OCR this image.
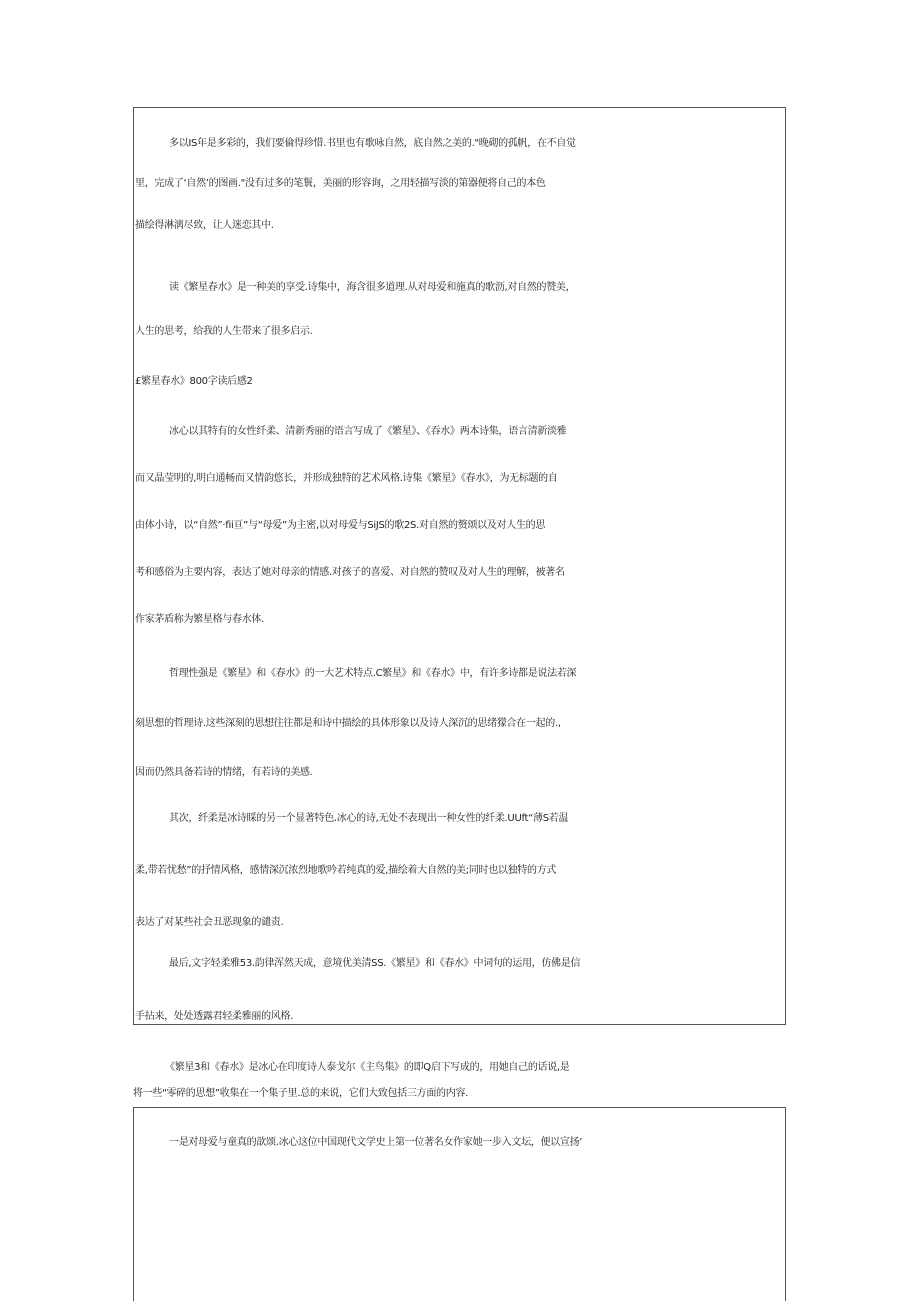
多以IS年是多彩的，我们要倫得珍惜.书里也有歌咏自然，底自然之美的."晚砌的孤帆，在不自觉
里，完成了‘自然’的图画."没有过多的笔鬟，美丽的形容询，之用轻描写淡的第器便将自己的本色
描绘得淋漓尽致，让人迷恋其中.
读《繁星春水》是一种美的享受.诗集中，海含很多道理.从对母爱和施真的歌沥,对自然的赞美，
人生的思考，给我的人生带来了很多启示.
£繁星春水》800字读后感2
冰心以其特有的女性纤柔、清新秀丽的语言写成了《繁星》、《吞水》两本诗集，语言清新淡雅
而又晶莹明的,明白通畅而又情韵悠长，并形成独特的艺术风格.诗集《繁星》《春水》，为无标题的自
由体小诗，以“自然”·fii亘”与“母爱”为主密,以对母爱与SiJS的歌2S.对自然的赘颂以及对人生的思
考和感俗为主要内容，表达了她对母亲的情感.对孩子的喜爱、对自然的赞叹及对人生的理解，被著名
作家茅盾称为繁星格与春水体.
哲理性强是《繁星》和《春水》的一大艺术特点.C繁星》和《春水》中，有许多诗都是说法若深
刻思想的哲理诗.这些深刻的思想往往都是和诗中描绘的具体形象以及诗人深沉的思绪獴合在一起的.,
因而仍然具备若诗的情绪，有若诗的美感.
其次，纤柔是冰诗睬的另一个显著特色.冰心的诗,无处不表现出一种女性的纤柔.UUft“薄S若温
柔,带若忧愁”的抒情风格，感情深沉浓烈地歌吟若纯真的爱,描绘着大自然的美;同时也以独特的方式
表达了对某些社会丑恶现象的谴责.
最后,文字轻柔雅53.韵律浑然天成，意境优美清SS.《繁星》和《春水》中词句的运用，仿佛是信
手拈来，处处透露君轻柔雅丽的风格.
《繁星3和《春水》是冰心在印度诗人泰戈尔《主鸟集》的即Q启下写成的，用她自己的话说,是
将一些"零碎的思想”收集在一个集子里.总的来说，它们大致包括三方面的内容.
一是对母爱与童真的歆颂.冰心这位中国现代文学史上第一位著名女作家她一步入文坛，便以宣扬’
